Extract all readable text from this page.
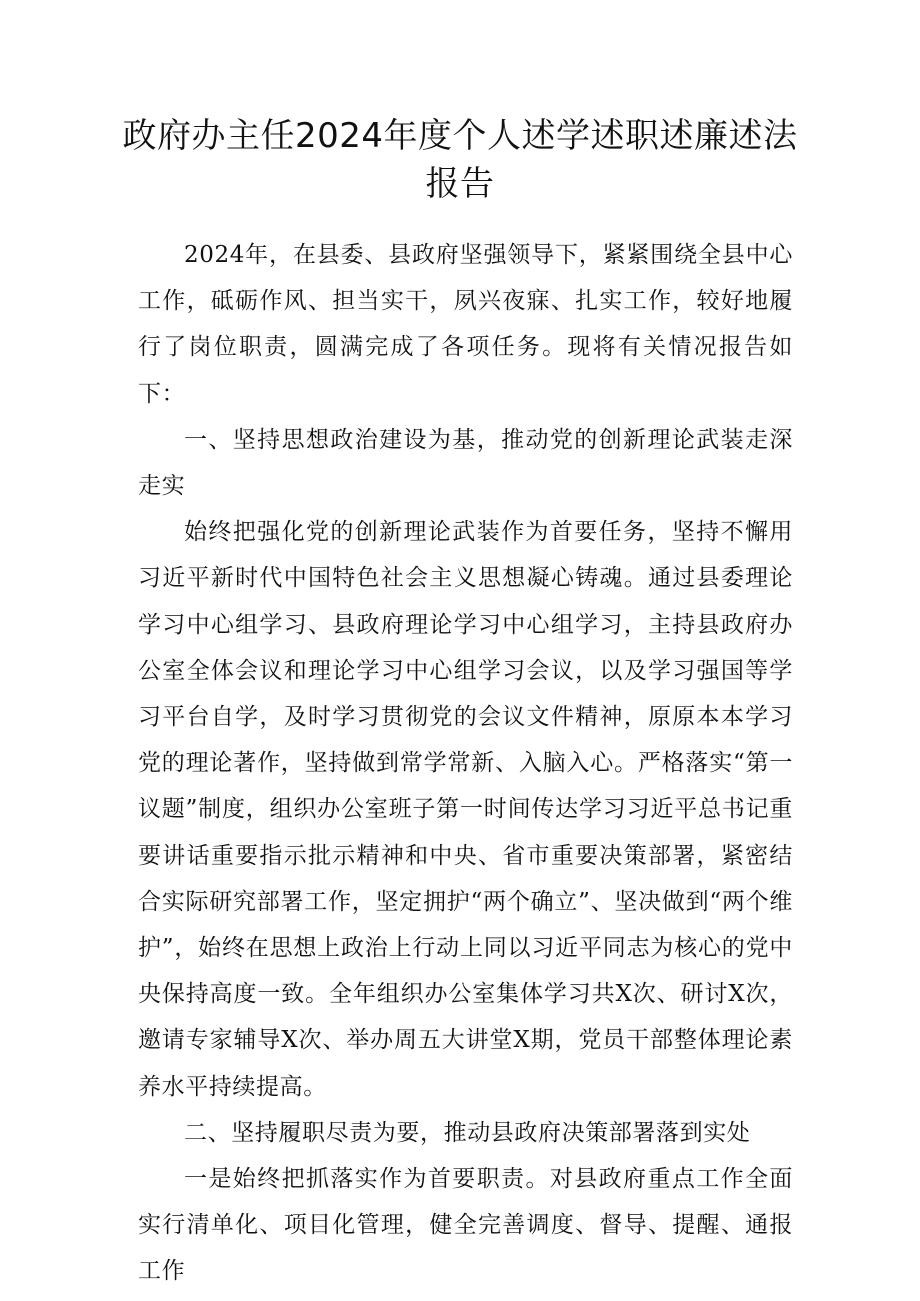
政府办主任2024年度个人述学述职述廉述法报告

2024年，在县委、县政府坚强领导下，紧紧围绕全县中心工作，砥砺作风、担当实干，夙兴夜寐、扎实工作，较好地履行了岗位职责，圆满完成了各项任务。现将有关情况报告如下：

一、坚持思想政治建设为基，推动党的创新理论武装走深走实

始终把强化党的创新理论武装作为首要任务，坚持不懈用习近平新时代中国特色社会主义思想凝心铸魂。通过县委理论学习中心组学习、县政府理论学习中心组学习，主持县政府办公室全体会议和理论学习中心组学习会议，以及学习强国等学习平台自学，及时学习贯彻党的会议文件精神，原原本本学习党的理论著作，坚持做到常学常新、入脑入心。严格落实“第一议题”制度，组织办公室班子第一时间传达学习习近平总书记重要讲话重要指示批示精神和中央、省市重要决策部署，紧密结合实际研究部署工作，坚定拥护“两个确立”、坚决做到“两个维护”，始终在思想上政治上行动上同以习近平同志为核心的党中央保持高度一致。全年组织办公室集体学习共X次、研讨X次，邀请专家辅导X次、举办周五大讲堂X期，党员干部整体理论素养水平持续提高。

二、坚持履职尽责为要，推动县政府决策部署落到实处

一是始终把抓落实作为首要职责。对县政府重点工作全面实行清单化、项目化管理，健全完善调度、督导、提醒、通报工作
